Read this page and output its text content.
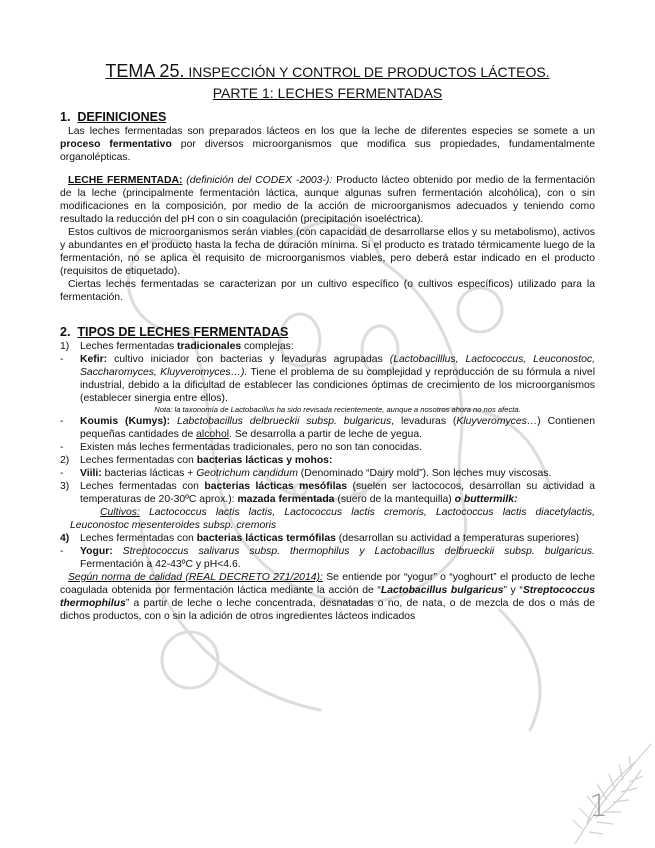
TEMA 25. INSPECCIÓN Y CONTROL DE PRODUCTOS LÁCTEOS.
PARTE 1: LECHES FERMENTADAS
1. DEFINICIONES

Las leches fermentadas son preparados lácteos en los que la leche de diferentes especies se somete a un proceso fermentativo por diversos microorganismos que modifica sus propiedades, fundamentalmente organolépticas.

LECHE FERMENTADA: (definición del CODEX -2003-): Producto lácteo obtenido por medio de la fermentación de la leche (principalmente fermentación láctica, aunque algunas sufren fermentación alcohólica), con o sin modificaciones en la composición, por medio de la acción de microorganismos adecuados y teniendo como resultado la reducción del pH con o sin coagulación (precipitación isoeléctrica).

Estos cultivos de microorganismos serán viables (con capacidad de desarrollarse ellos y su metabolismo), activos y abundantes en el producto hasta la fecha de duración mínima. Si el producto es tratado térmicamente luego de la fermentación, no se aplica el requisito de microorganismos viables, pero deberá estar indicado en el producto (requisitos de etiquetado).

Ciertas leches fermentadas se caracterizan por un cultivo específico (o cultivos específicos) utilizado para la fermentación.

2. TIPOS DE LECHES FERMENTADAS
1)	Leches fermentadas tradicionales complejas:
-	Kefir: cultivo iniciador con bacterias y levaduras agrupadas (Lactobacilllus, Lactococcus, Leuconostoc, Saccharomyces, Kluyveromyces…). Tiene el problema de su complejidad y reproducción de su fórmula a nivel industrial, debido a la dificultad de establecer las condiciones óptimas de crecimiento de los microorganismos (establecer sinergia entre ellos).
Nota: la taxonomía de Lactobacillus ha sido revisada recientemente, aunque a nosotros ahora no nos afecta.
-	Koumis (Kumys): Labctobacillus delbrueckii subsp. bulgaricus, levaduras (Kluyveromyces…) Contienen pequeñas cantidades de alcohol. Se desarrolla a partir de leche de yegua.
-	Existen más leches fermentadas tradicionales, pero no son tan conocidas.
2)	Leches fermentadas con bacterias lácticas y mohos:
-	Viili: bacterias lácticas + Geotrichum candidum (Denominado “Dairy mold”). Son leches muy viscosas.
3)	Leches fermentadas con bacterias lácticas mesófilas (suelen ser lactococos, desarrollan su actividad a temperaturas de 20-30ºC aprox.): mazada fermentada (suero de la mantequilla) o buttermilk:

Cultivos: Lactococcus lactis lactis, Lactococcus lactis cremoris, Lactococcus lactis diacetylactis, Leuconostoc mesenteroides subsp. cremoris

4)	Leches fermentadas con bacterias lácticas termófilas (desarrollan su actividad a temperaturas superiores)
-	Yogur: Streptococcus salivarus subsp. thermophilus y Lactobacillus delbrueckii subsp. bulgaricus. Fermentación a 42-43ºC y pH<4.6.

Según norma de calidad (REAL DECRETO 271/2014): Se entiende por “yogur” o “yoghourt” el producto de leche coagulada obtenida por fermentación láctica mediante la acción de “Lactobacillus bulgaricus” y “Streptococcus thermophilus” a partir de leche o leche concentrada, desnatadas o no, de nata, o de mezcla de dos o más de dichos productos, con o sin la adición de otros ingredientes lácteos indicados

1
